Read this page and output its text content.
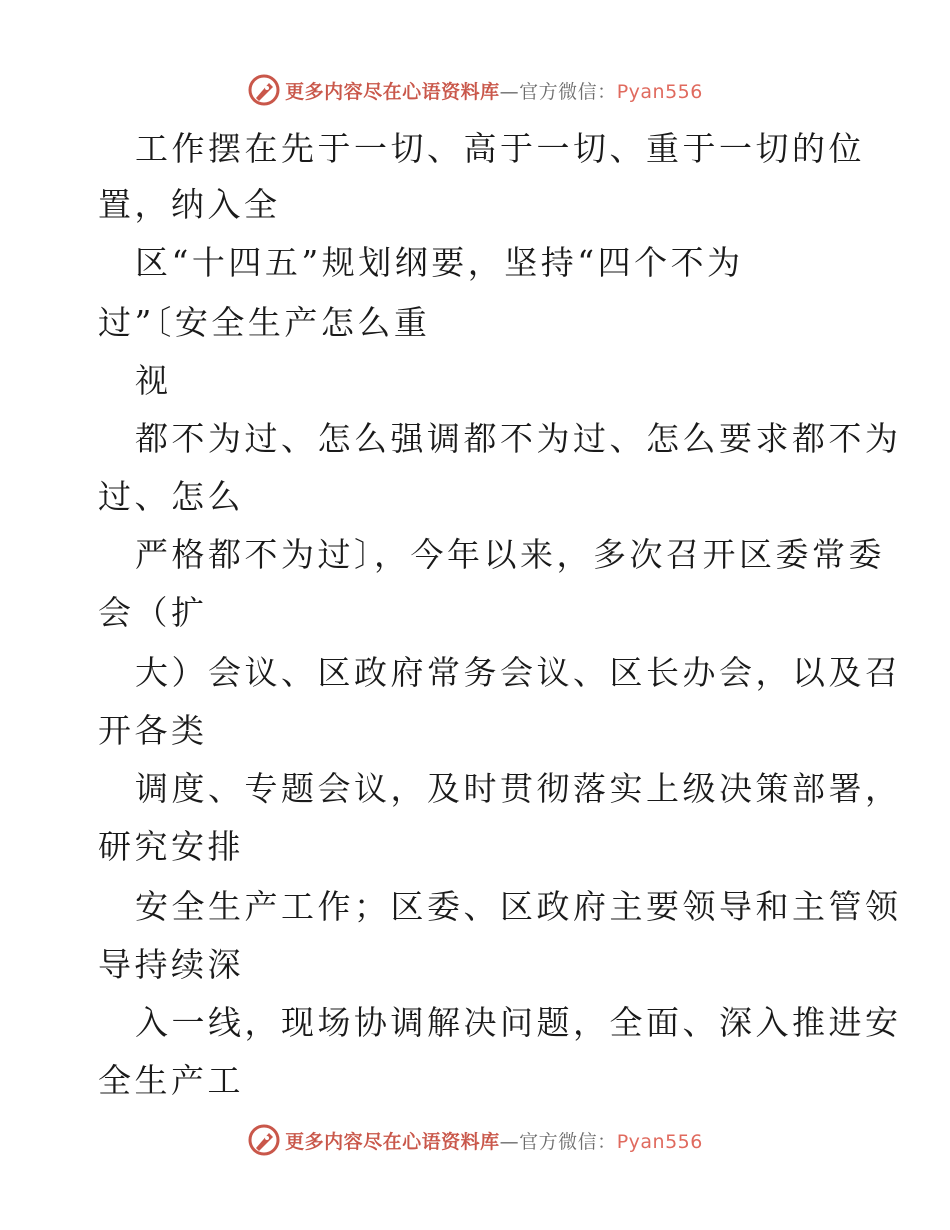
更多内容尽在心语资料库—官方微信：Pyan556
工作摆在先于一切、高于一切、重于一切的位
置，纳入全
区“十四五”规划纲要，坚持“四个不为
过”〔安全生产怎么重
视
都不为过、怎么强调都不为过、怎么要求都不为
过、怎么
严格都不为过〕，今年以来，多次召开区委常委
会（扩
大）会议、区政府常务会议、区长办会，以及召
开各类
调度、专题会议，及时贯彻落实上级决策部署，
研究安排
安全生产工作；区委、区政府主要领导和主管领
导持续深
入一线，现场协调解决问题，全面、深入推进安
全生产工
更多内容尽在心语资料库—官方微信：Pyan556
